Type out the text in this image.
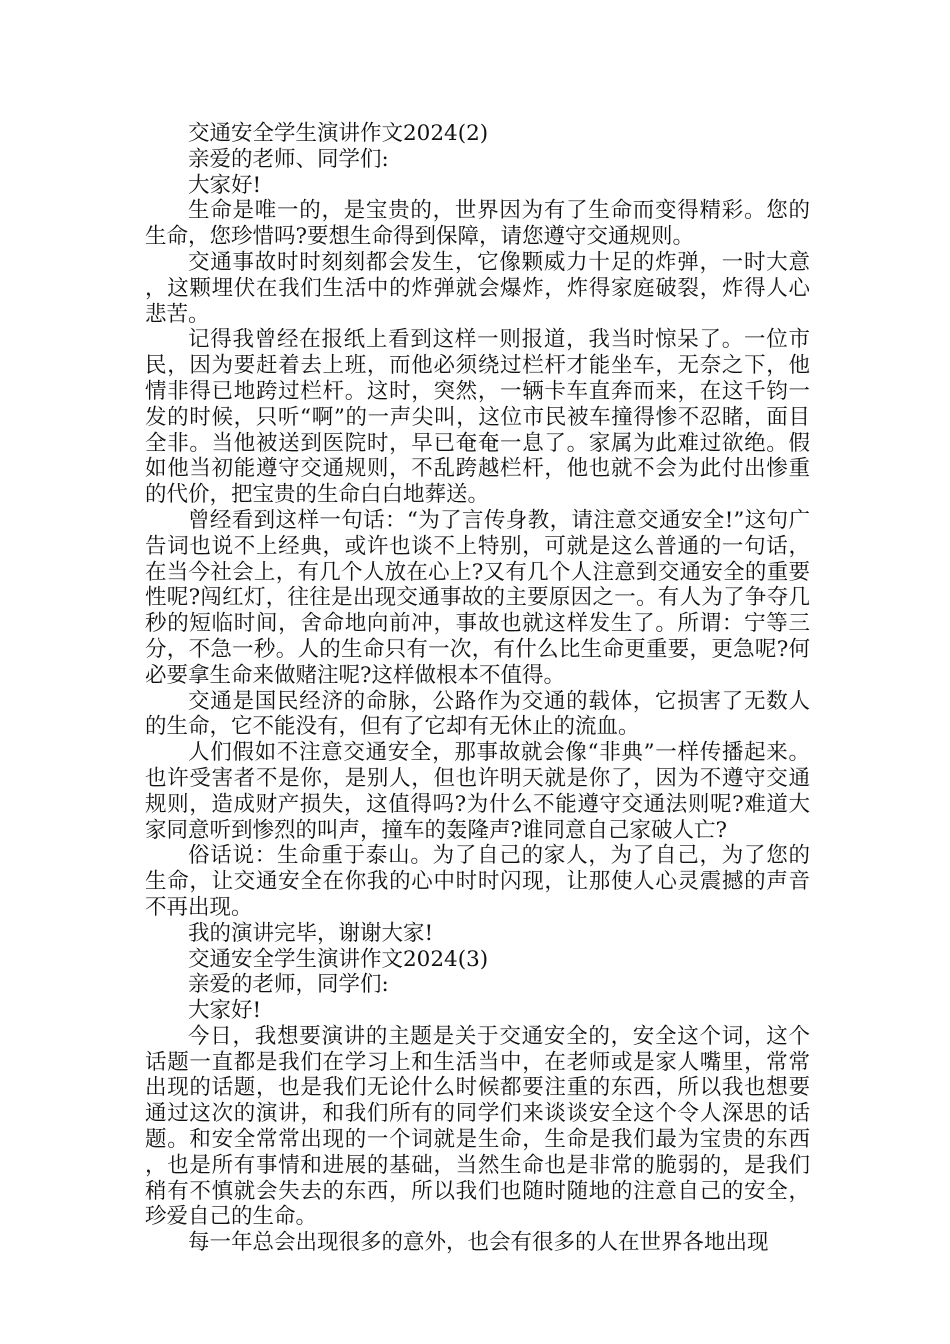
交通安全学生演讲作文2024(2)

亲爱的老师、同学们:

大家好!

生命是唯一的，是宝贵的，世界因为有了生命而变得精彩。您的生命，您珍惜吗?要想生命得到保障，请您遵守交通规则。

交通事故时时刻刻都会发生，它像颗威力十足的炸弹，一时大意，这颗埋伏在我们生活中的炸弹就会爆炸，炸得家庭破裂，炸得人心悲苦。

记得我曾经在报纸上看到这样一则报道，我当时惊呆了。一位市民，因为要赶着去上班，而他必须绕过栏杆才能坐车，无奈之下，他情非得已地跨过栏杆。这时，突然，一辆卡车直奔而来，在这千钧一发的时候，只听“啊”的一声尖叫，这位市民被车撞得惨不忍睹，面目全非。当他被送到医院时，早已奄奄一息了。家属为此难过欲绝。假如他当初能遵守交通规则，不乱跨越栏杆，他也就不会为此付出惨重的代价，把宝贵的生命白白地葬送。

曾经看到这样一句话：“为了言传身教，请注意交通安全!”这句广告词也说不上经典，或许也谈不上特别，可就是这么普通的一句话，在当今社会上，有几个人放在心上?又有几个人注意到交通安全的重要性呢?闯红灯，往往是出现交通事故的主要原因之一。有人为了争夺几秒的短临时间，舍命地向前冲，事故也就这样发生了。所谓：宁等三分，不急一秒。人的生命只有一次，有什么比生命更重要，更急呢?何必要拿生命来做赌注呢?这样做根本不值得。

交通是国民经济的命脉，公路作为交通的载体，它损害了无数人的生命，它不能没有，但有了它却有无休止的流血。

人们假如不注意交通安全，那事故就会像“非典”一样传播起来。也许受害者不是你，是别人，但也许明天就是你了，因为不遵守交通规则，造成财产损失，这值得吗?为什么不能遵守交通法则呢?难道大家同意听到惨烈的叫声，撞车的轰隆声?谁同意自己家破人亡?

俗话说：生命重于泰山。为了自己的家人，为了自己，为了您的生命，让交通安全在你我的心中时时闪现，让那使人心灵震撼的声音不再出现。

我的演讲完毕，谢谢大家!

交通安全学生演讲作文2024(3)

亲爱的老师，同学们:

大家好!

今日，我想要演讲的主题是关于交通安全的，安全这个词，这个话题一直都是我们在学习上和生活当中，在老师或是家人嘴里，常常出现的话题，也是我们无论什么时候都要注重的东西，所以我也想要通过这次的演讲，和我们所有的同学们来谈谈安全这个令人深思的话题。和安全常常出现的一个词就是生命，生命是我们最为宝贵的东西，也是所有事情和进展的基础，当然生命也是非常的脆弱的，是我们稍有不慎就会失去的东西，所以我们也随时随地的注意自己的安全，珍爱自己的生命。

每一年总会出现很多的意外，也会有很多的人在世界各地出现
